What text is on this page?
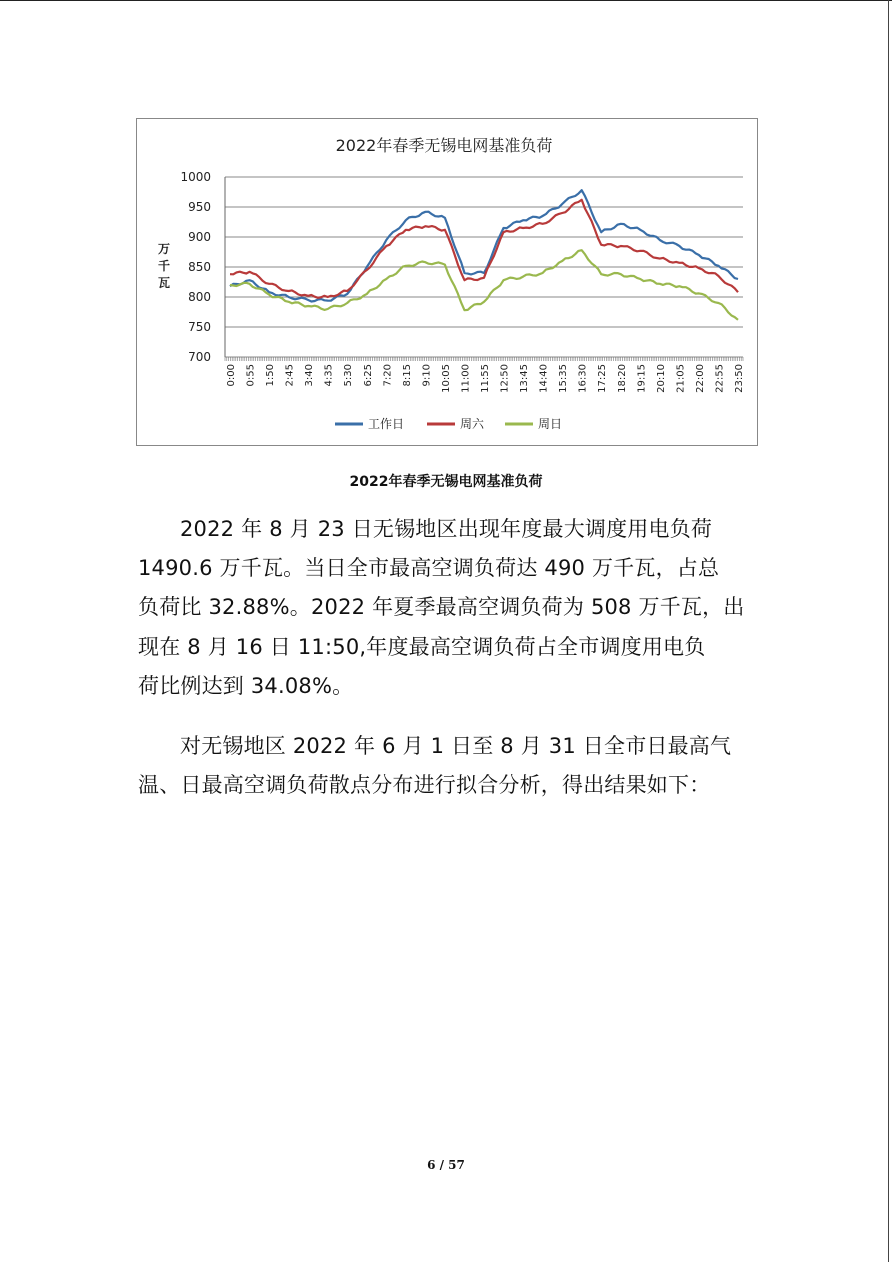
2022年春季无锡电网基准负荷
700
750
800
850
900
950
1000
万
千
瓦
0:00 0:55 1:50 2:45 3:40 4:35 5:30 6:25 7:20 8:15 9:10 10:05 11:00 11:55 12:50 13:45 14:40 15:35 16:30 17:25 18:20 19:15 20:10 21:05 22:00 22:55 23:50
工作日	周六	周日
2022年春季无锡电网基准负荷
2022 年 8 月 23 日无锡地区出现年度最大调度用电负荷
1490.6 万千瓦。当日全市最高空调负荷达 490 万千瓦，占总
负荷比 32.88%。2022 年夏季最高空调负荷为 508 万千瓦，出
现在 8 月 16 日 11:50,年度最高空调负荷占全市调度用电负
荷比例达到 34.08%。
对无锡地区 2022 年 6 月 1 日至 8 月 31 日全市日最高气
温、日最高空调负荷散点分布进行拟合分析，得出结果如下：
6 / 57
